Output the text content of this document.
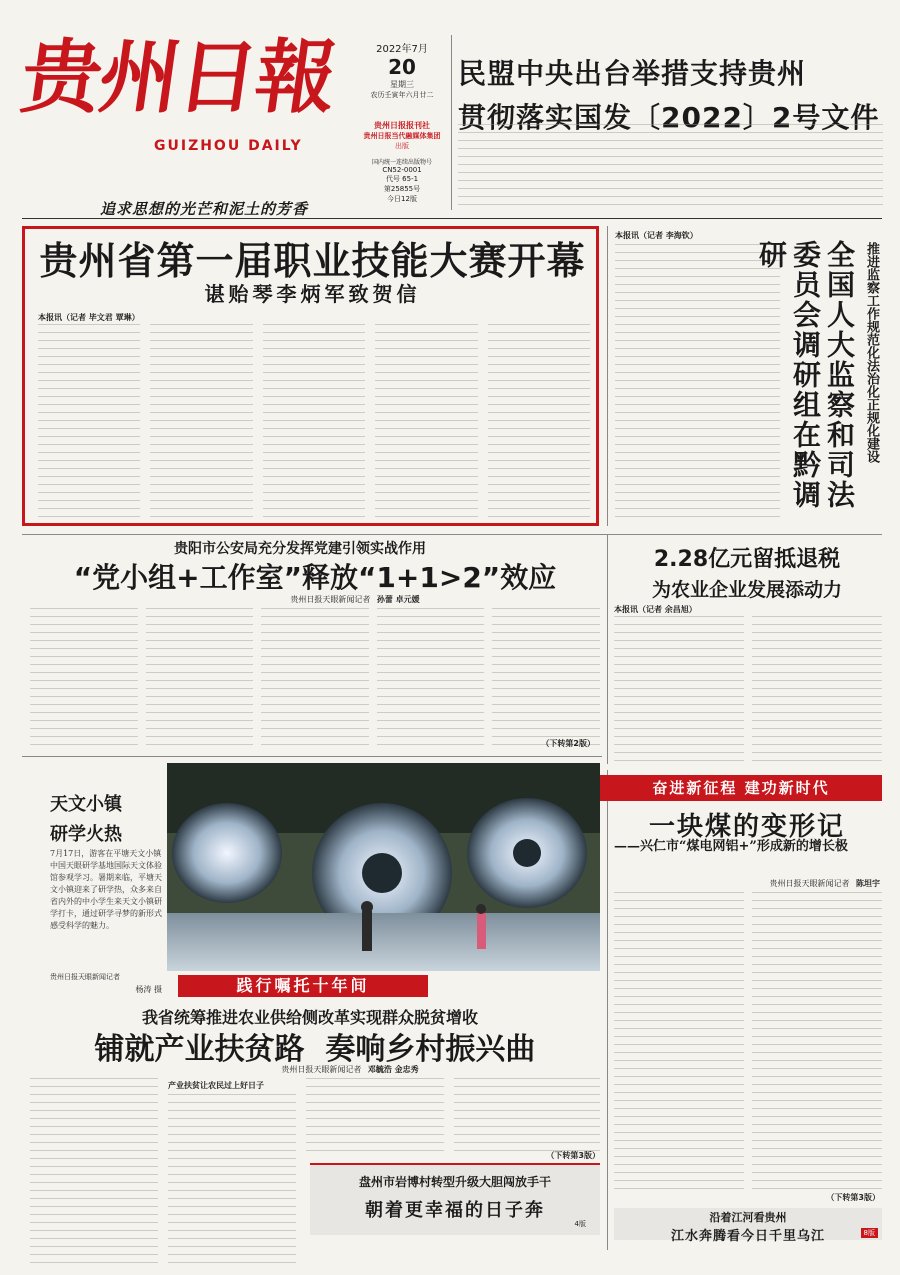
贵州日報
GUIZHOU DAILY
追求思想的光芒和泥土的芳香
2022年7月
20
星期三
农历壬寅年六月廿二
贵州日报报刊社
贵州日报当代融媒体集团
出版
国内统一连续出版物号
CN52-0001
代号 65-1
第25855号
今日12版
民盟中央出台举措支持贵州
贯彻落实国发〔2022〕2号文件
贵州省第一届职业技能大赛开幕
谌贻琴李炳军致贺信
本报讯（记者 毕文君 覃琳）
本报讯（记者 李海钦）
全国人大监察和司法委员会调研组在黔调研	推进监察工作规范化法治化正规化建设
贵阳市公安局充分发挥党建引领实战作用
“党小组+工作室”释放“1+1>2”效应
贵州日报天眼新闻记者 孙蕾 卓元媛
（下转第2版）
2.28亿元留抵退税
为农业企业发展添动力
本报讯（记者 余昌旭）
天文小镇
研学火热
7月17日，游客在平塘天文小镇中国天眼研学基地国际天文体验馆参观学习。暑期来临，平塘天文小镇迎来了研学热，众多来自省内外的中小学生来天文小镇研学打卡，通过研学寻梦的新形式感受科学的魅力。
贵州日报天眼新闻记者
杨涛 摄	践行嘱托十年间
我省统筹推进农业供给侧改革实现群众脱贫增收
铺就产业扶贫路  奏响乡村振兴曲
贵州日报天眼新闻记者 邓毓浩 金忠秀
产业扶贫让农民过上好日子
（下转第3版）
盘州市岩博村转型升级大胆闯放手干
朝着更幸福的日子奔
4版
奋进新征程 建功新时代
一块煤的变形记
——兴仁市“煤电网铝+”形成新的增长极
贵州日报天眼新闻记者 陈坦宇
（下转第3版）
沿着江河看贵州
江水奔腾看今日千里乌江	8版
